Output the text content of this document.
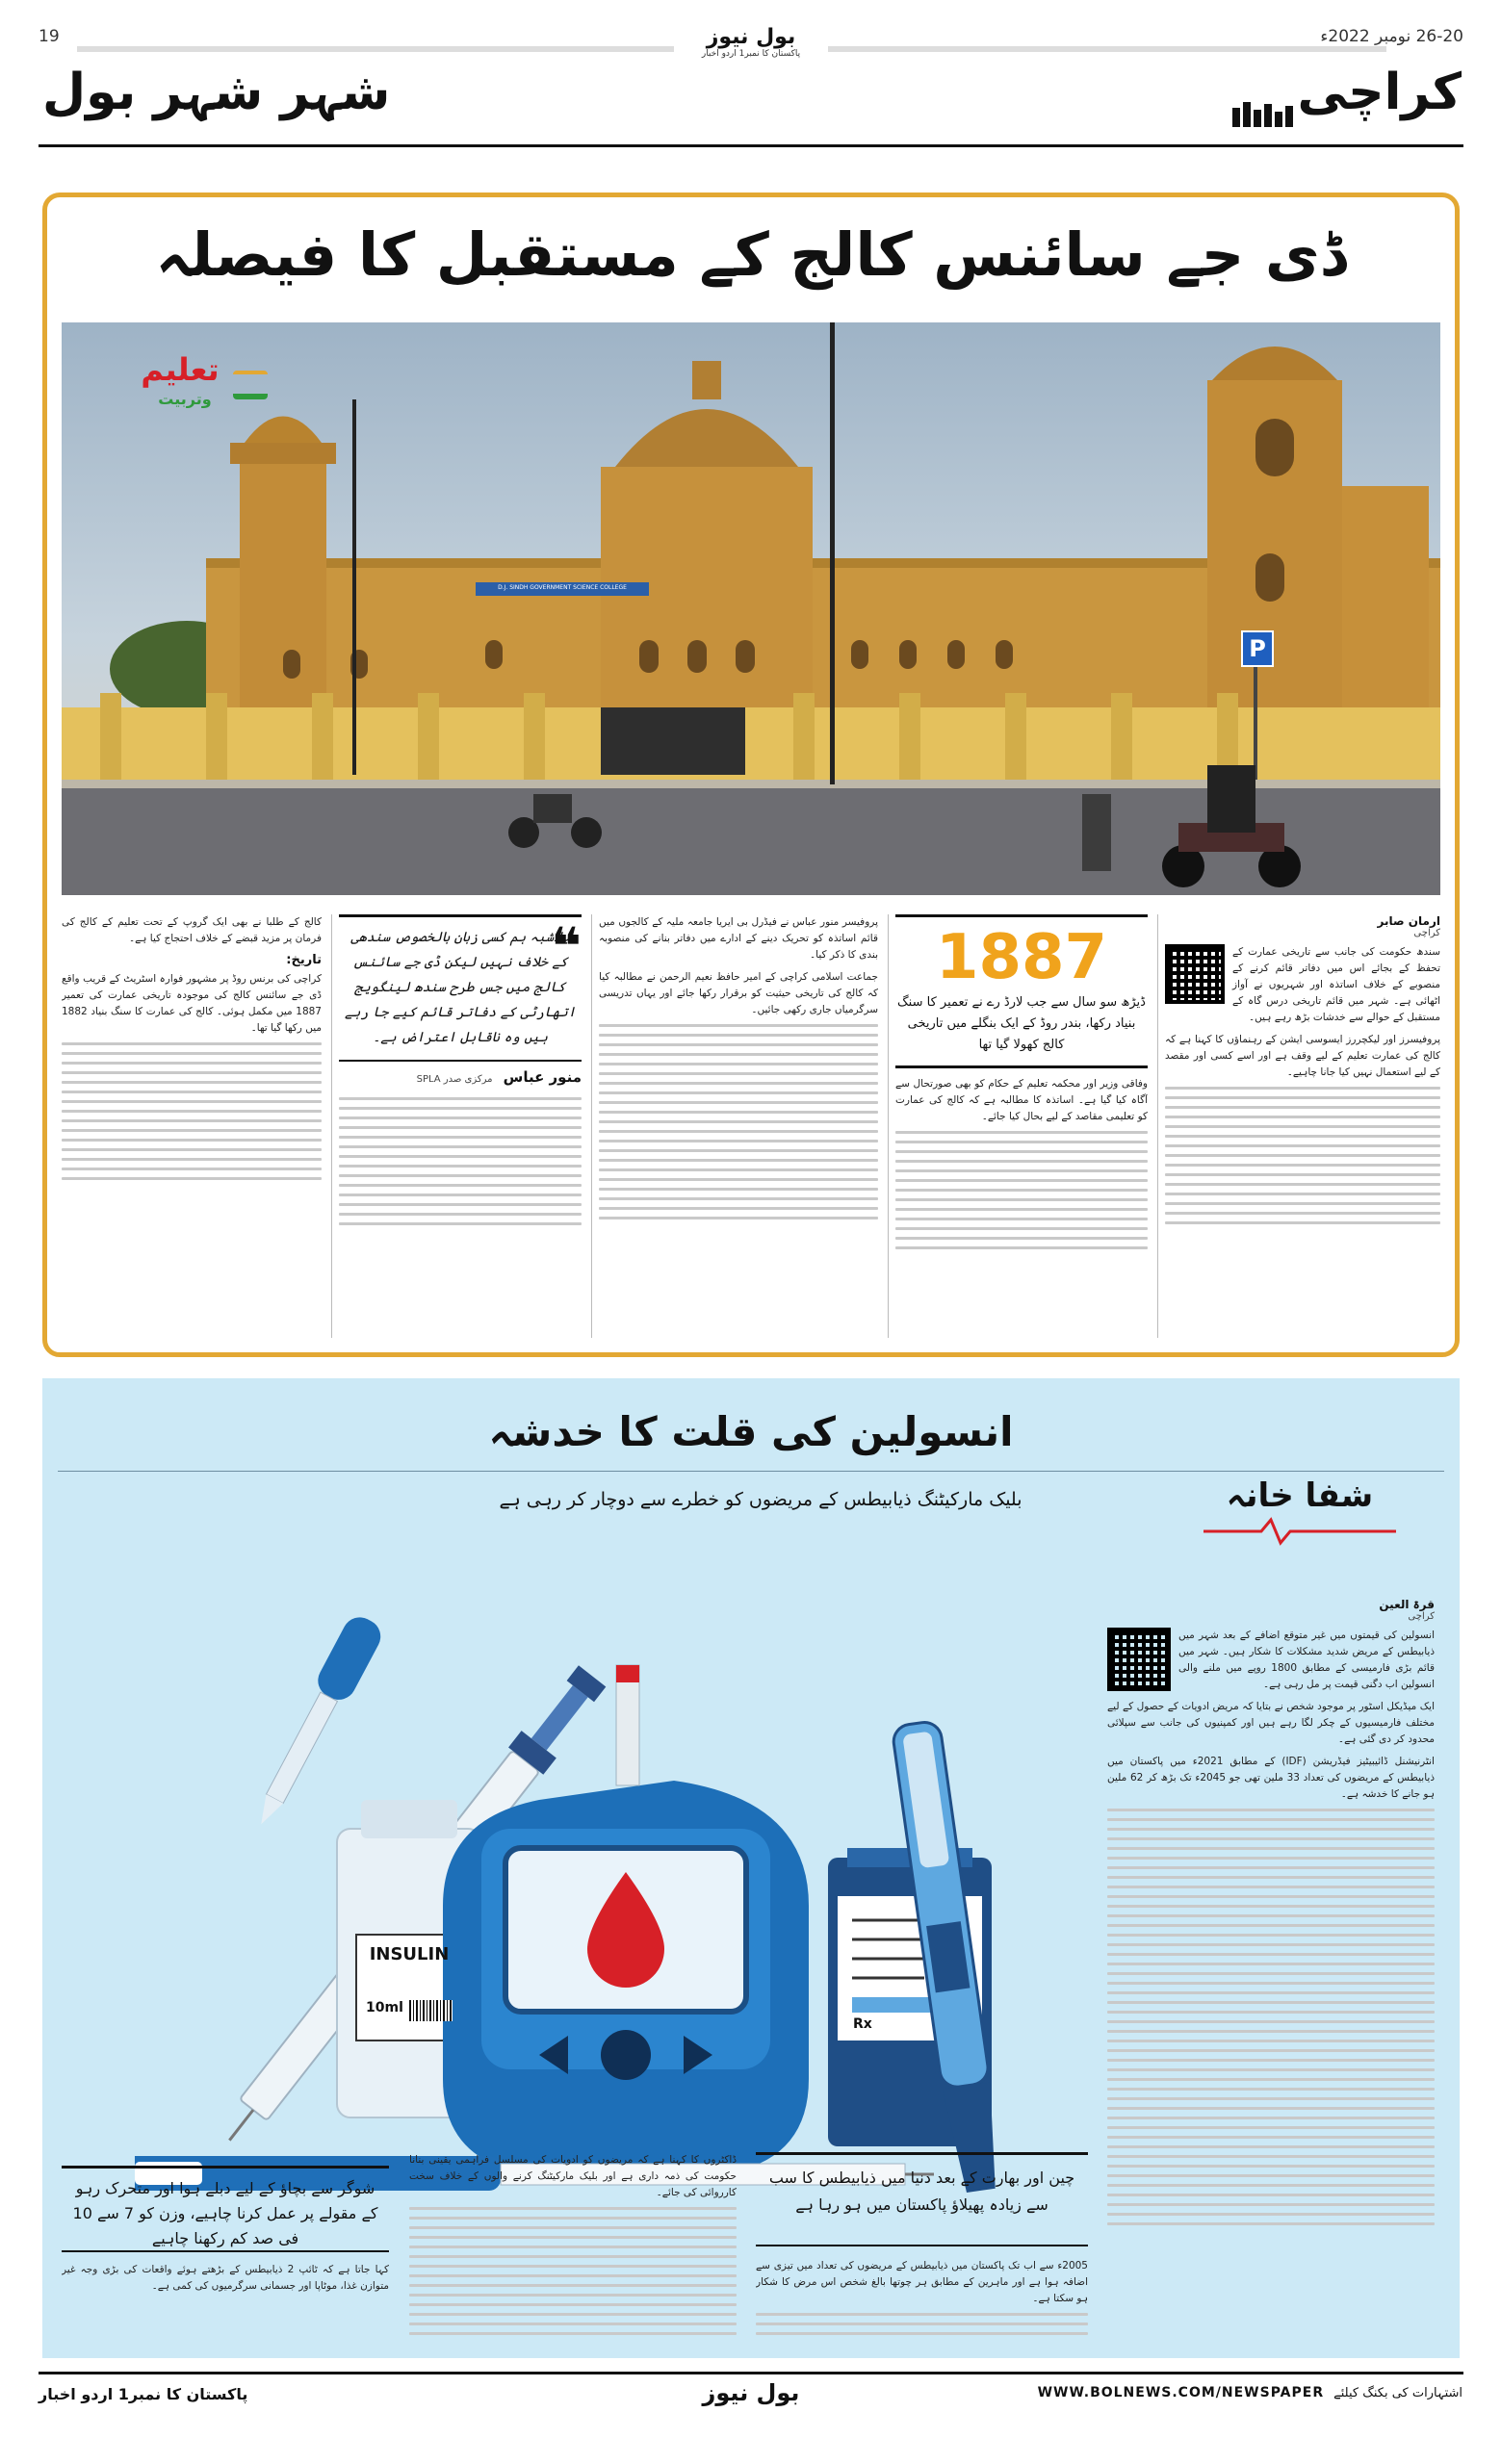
19	26-20 نومبر 2022ء
بول نیوز
پاکستان کا نمبر1 اردو اخبار
شہر شہر بول	کراچی
ڈی جے سائنس کالج کے مستقبل کا فیصلہ
D.J. SINDH GOVERNMENT SCIENCE COLLEGE
P
تعلیم
وتربیت
ارمان صابر
کراچی

سندھ حکومت کی جانب سے تاریخی عمارت کے تحفظ کے بجائے اس میں دفاتر قائم کرنے کے منصوبے کے خلاف اساتذہ اور شہریوں نے آواز اٹھائی ہے۔ شہر میں قائم تاریخی درس گاہ کے مستقبل کے حوالے سے خدشات بڑھ رہے ہیں۔

پروفیسرز اور لیکچررز ایسوسی ایشن کے رہنماؤں کا کہنا ہے کہ کالج کی عمارت تعلیم کے لیے وقف ہے اور اسے کسی اور مقصد کے لیے استعمال نہیں کیا جانا چاہیے۔

1887
ڈیڑھ سو سال سے جب لارڈ رے نے تعمیر کا سنگ بنیاد رکھا، بندر روڈ کے ایک بنگلے میں تاریخی کالج کھولا گیا تھا

وفاقی وزیر اور محکمہ تعلیم کے حکام کو بھی صورتحال سے آگاہ کیا گیا ہے۔ اساتذہ کا مطالبہ ہے کہ کالج کی عمارت کو تعلیمی مقاصد کے لیے بحال کیا جائے۔

پروفیسر منور عباس نے فیڈرل بی ایریا جامعہ ملیہ کے کالجوں میں قائم اساتذہ کو تحریک دینے کے ادارے میں دفاتر بنانے کی منصوبہ بندی کا ذکر کیا۔

جماعت اسلامی کراچی کے امیر حافظ نعیم الرحمن نے مطالبہ کیا کہ کالج کی تاریخی حیثیت کو برقرار رکھا جائے اور یہاں تدریسی سرگرمیاں جاری رکھی جائیں۔

❝
بلاشبہ ہم کسی زبان بالخصوص سندھی کے خلاف نہیں لیکن ڈی جے سائنس کالج میں جس طرح سندھ لینگویج اتھارٹی کے دفاتر قائم کیے جا رہے ہیں وہ ناقابل اعتراض ہے۔
منور عباس مرکزی صدر SPLA

کالج کے طلبا نے بھی ایک گروپ کے تحت تعلیم کے کالج کی فرمان پر مزید قبضے کے خلاف احتجاج کیا ہے۔

تاریخ:

کراچی کی برنس روڈ پر مشہور فوارہ اسٹریٹ کے قریب واقع ڈی جے سائنس کالج کی موجودہ تاریخی عمارت کی تعمیر 1887 میں مکمل ہوئی۔ کالج کی عمارت کا سنگ بنیاد 1882 میں رکھا گیا تھا۔

انسولین کی قلت کا خدشہ
بلیک مارکیٹنگ ذیابیطس کے مریضوں کو خطرے سے دوچار کر رہی ہے	شفا خانہ
INSULIN
10ml
Rx
قرۃ العین
کراچی

انسولین کی قیمتوں میں غیر متوقع اضافے کے بعد شہر میں ذیابیطس کے مریض شدید مشکلات کا شکار ہیں۔ شہر میں قائم بڑی فارمیسی کے مطابق 1800 روپے میں ملنے والی انسولین اب دگنی قیمت پر مل رہی ہے۔

ایک میڈیکل اسٹور پر موجود شخص نے بتایا کہ مریض ادویات کے حصول کے لیے مختلف فارمیسیوں کے چکر لگا رہے ہیں اور کمپنیوں کی جانب سے سپلائی محدود کر دی گئی ہے۔

انٹرنیشنل ڈائیبیٹیز فیڈریشن (IDF) کے مطابق 2021ء میں پاکستان میں ذیابیطس کے مریضوں کی تعداد 33 ملین تھی جو 2045ء تک بڑھ کر 62 ملین ہو جانے کا خدشہ ہے۔

شوگر سے بچاؤ کے لیے دبلے ہوا اور متحرک رہو کے مقولے پر عمل کرنا چاہیے، وزن کو 7 سے 10 فی صد کم رکھنا چاہیے
چین اور بھارت کے بعد دنیا میں ذیابیطس کا سب سے زیادہ پھیلاؤ پاکستان میں ہو رہا ہے

کہا جاتا ہے کہ ٹائپ 2 ذیابیطس کے بڑھتے ہوئے واقعات کی بڑی وجہ غیر متوازن غذا، موٹاپا اور جسمانی سرگرمیوں کی کمی ہے۔

ڈاکٹروں کا کہنا ہے کہ مریضوں کو ادویات کی مسلسل فراہمی یقینی بنانا حکومت کی ذمہ داری ہے اور بلیک مارکیٹنگ کرنے والوں کے خلاف سخت کارروائی کی جائے۔

2005ء سے اب تک پاکستان میں ذیابیطس کے مریضوں کی تعداد میں تیزی سے اضافہ ہوا ہے اور ماہرین کے مطابق ہر چوتھا بالغ شخص اس مرض کا شکار ہو سکتا ہے۔

پاکستان کا نمبر1 اردو اخبار	بول نیوز	WWW.BOLNEWS.COM/NEWSPAPER اشتہارات کی بکنگ کیلئے
